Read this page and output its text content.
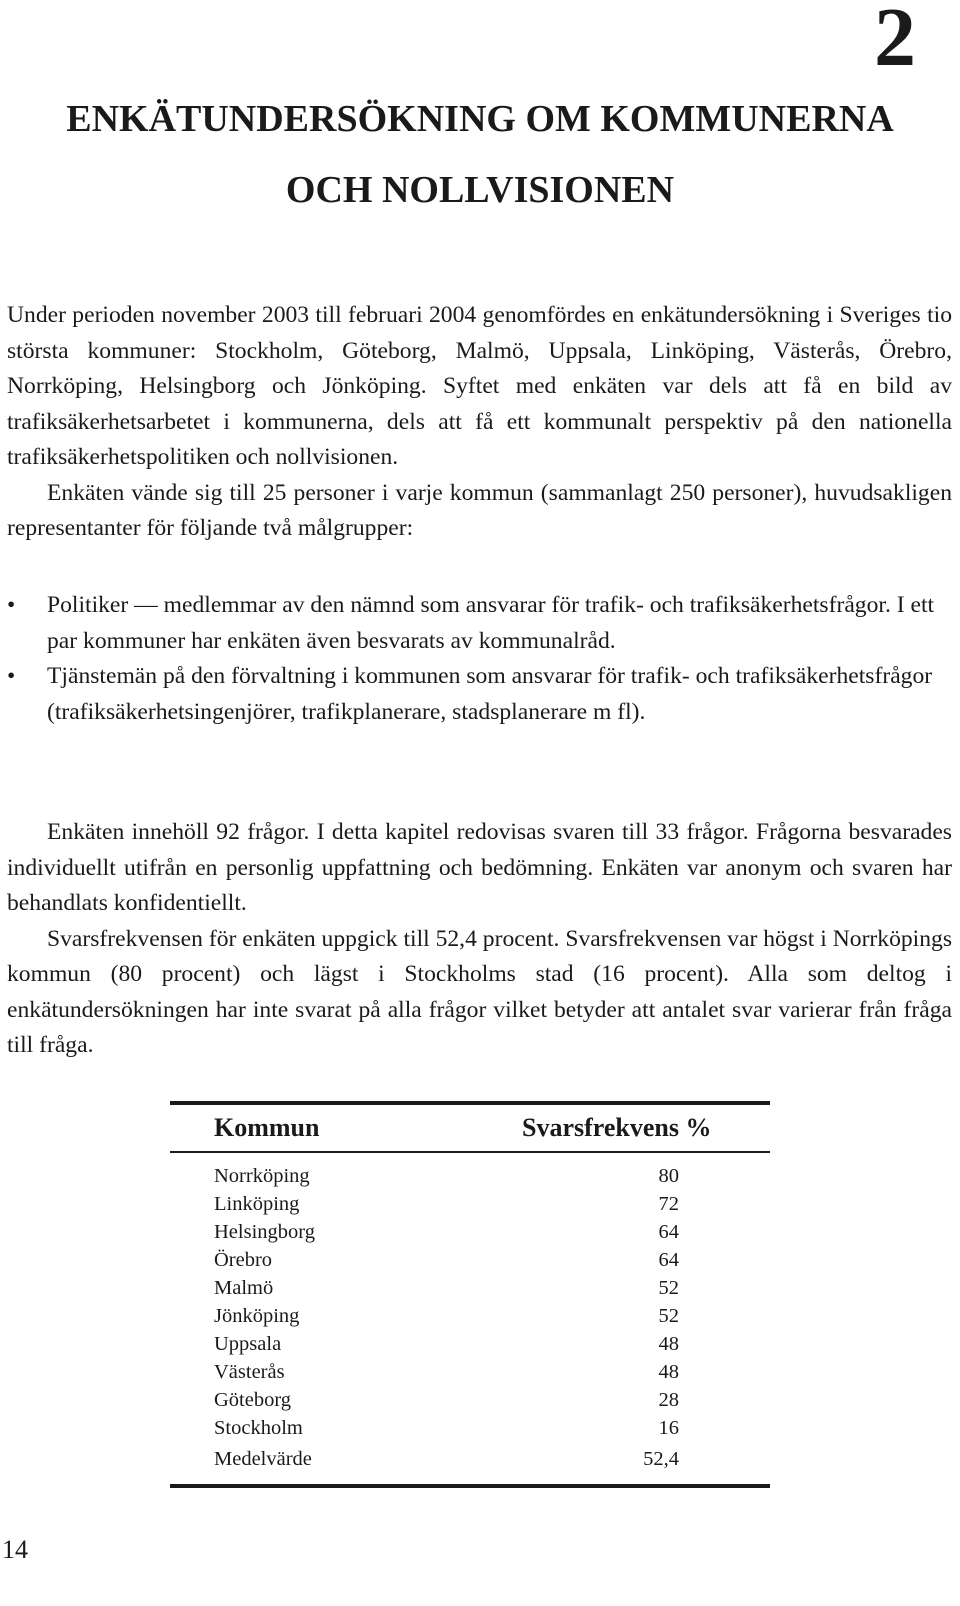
2
ENKÄTUNDERSÖKNING OM KOMMUNERNA
OCH NOLLVISIONEN

Under perioden november 2003 till februari 2004 genomfördes en enkätundersökning i Sveriges tio största kommuner: Stockholm, Göteborg, Malmö, Uppsala, Linköping, Västerås, Örebro, Norrköping, Helsingborg och Jönköping. Syftet med enkäten var dels att få en bild av trafiksäkerhetsarbetet i kommunerna, dels att få ett kommunalt perspektiv på den nationella trafiksäkerhetspolitiken och nollvisionen.

Enkäten vände sig till 25 personer i varje kommun (sammanlagt 250 personer), huvudsakligen representanter för följande två målgrupper:

• Politiker — medlemmar av den nämnd som ansvarar för trafik- och trafiksäkerhetsfrågor. I ett par kommuner har enkäten även besvarats av kommunalråd.
• Tjänstemän på den förvaltning i kommunen som ansvarar för trafik- och trafiksäkerhetsfrågor (trafiksäkerhetsingenjörer, trafikplanerare, stadsplanerare m fl).

Enkäten innehöll 92 frågor. I detta kapitel redovisas svaren till 33 frågor. Frågorna besvarades individuellt utifrån en personlig uppfattning och bedömning. Enkäten var anonym och svaren har behandlats konfidentiellt.

Svarsfrekvensen för enkäten uppgick till 52,4 procent. Svarsfrekvensen var högst i Norrköpings kommun (80 procent) och lägst i Stockholms stad (16 procent). Alla som deltog i enkätundersökningen har inte svarat på alla frågor vilket betyder att antalet svar varierar från fråga till fråga.

Kommun	Svarsfrekvens %
Norrköping	80
Linköping	72
Helsingborg	64
Örebro	64
Malmö	52
Jönköping	52
Uppsala	48
Västerås	48
Göteborg	28
Stockholm	16
Medelvärde	52,4
14
